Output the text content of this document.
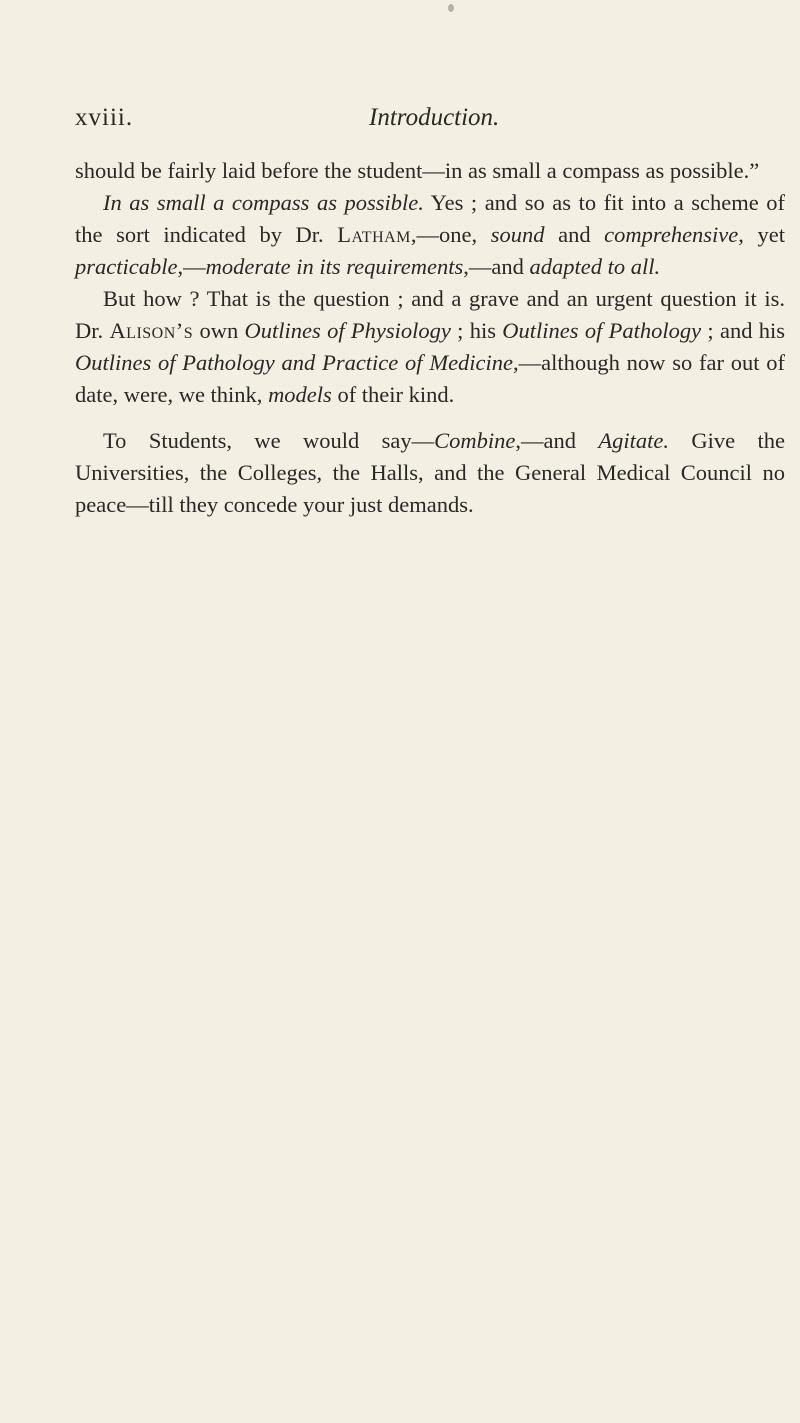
xviii.	Introduction.

should be fairly laid before the student—in as small a compass as possible.”

In as small a compass as possible. Yes ; and so as to fit into a scheme of the sort indicated by Dr. Latham,—one, sound and comprehensive, yet practicable,—moderate in its requirements,—and adapted to all.

But how ? That is the question ; and a grave and an urgent question it is. Dr. Alison’s own Outlines of Physiology ; his Outlines of Pathology ; and his Outlines of Pathology and Practice of Medicine,—although now so far out of date, were, we think, models of their kind.

To Students, we would say—Combine,—and Agitate. Give the Universities, the Colleges, the Halls, and the General Medical Council no peace—till they concede your just demands.
